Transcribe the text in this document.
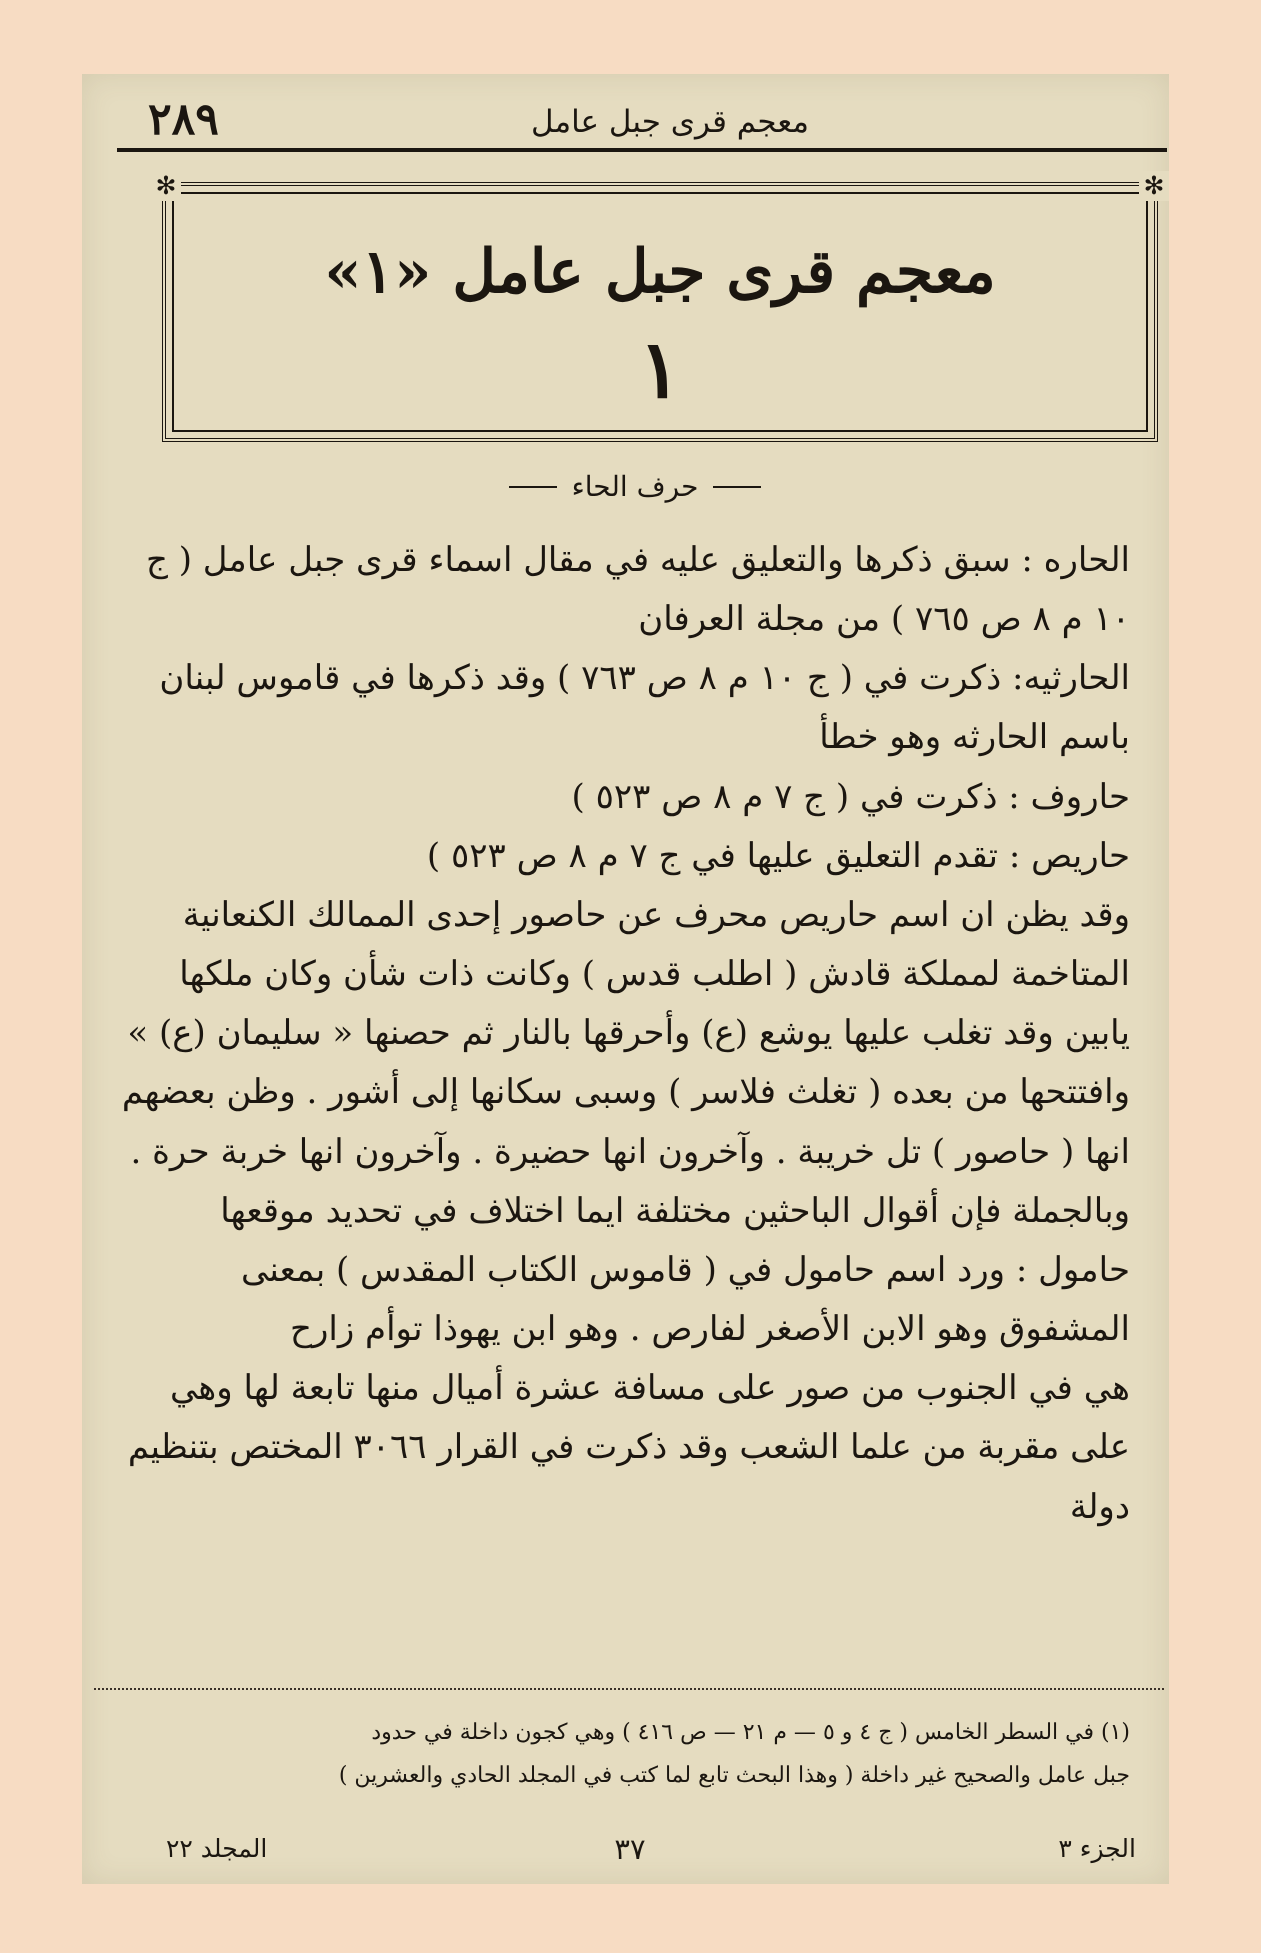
٢٨٩	معجم قرى جبل عامل
✻	✻
معجم قرى جبل عامل «١»
١
حرف الحاء

الحاره : سبق ذكرها والتعليق عليه في مقال اسماء قرى جبل عامل ( ج ١٠ م ٨ ص ٧٦٥ ) من مجلة العرفان

الحارثيه: ذكرت في ( ج ١٠ م ٨ ص ٧٦٣ ) وقد ذكرها في قاموس لبنان باسم الحارثه وهو خطأ

حاروف : ذكرت في ( ج ٧ م ٨ ص ٥٢٣ )

حاريص : تقدم التعليق عليها في ج ٧ م ٨ ص ٥٢٣ )

وقد يظن ان اسم حاريص محرف عن حاصور إحدى الممالك الكنعانية المتاخمة لمملكة قادش ( اطلب قدس ) وكانت ذات شأن وكان ملكها يابين وقد تغلب عليها يوشع (ع) وأحرقها بالنار ثم حصنها « سليمان (ع) » وافتتحها من بعده ( تغلث فلاسر ) وسبى سكانها إلى أشور . وظن بعضهم انها ( حاصور ) تل خريبة . وآخرون انها حضيرة . وآخرون انها خربة حرة . وبالجملة فإن أقوال الباحثين مختلفة ايما اختلاف في تحديد موقعها

حامول : ورد اسم حامول في ( قاموس الكتاب المقدس ) بمعنى المشفوق وهو الابن الأصغر لفارص . وهو ابن يهوذا توأم زارح

هي في الجنوب من صور على مسافة عشرة أميال منها تابعة لها وهي على مقربة من علما الشعب وقد ذكرت في القرار ٣٠٦٦ المختص بتنظيم دولة

(١) في السطر الخامس ( ج ٤ و ٥ — م ٢١ — ص ٤١٦ ) وهي كجون داخلة في حدود

جبل عامل والصحيح غير داخلة ( وهذا البحث تابع لما كتب في المجلد الحادي والعشرين )

المجلد ٢٢	٣٧	الجزء ٣
